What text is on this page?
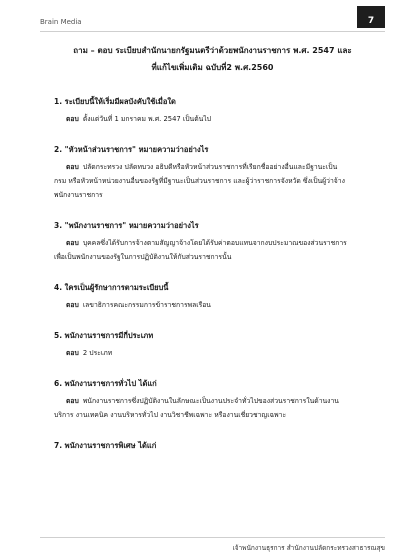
Brain Media	7
ถาม – ตอบ ระเบียบสำนักนายกรัฐมนตรีว่าด้วยพนักงานราชการ พ.ศ. 2547 และ
ที่แก้ไขเพิ่มเติม ฉบับที่2 พ.ศ.2560
1. ระเบียบนี้ให้เริ่มมีผลบังคับใช้เมื่อใด
ตอบ ตั้งแต่วันที่ 1 มกราคม พ.ศ. 2547 เป็นต้นไป
2. "หัวหน้าส่วนราชการ" หมายความว่าอย่างไร
ตอบ ปลัดกระทรวง ปลัดทบวง อธิบดีหรือหัวหน้าส่วนราชการที่เรียกชื่ออย่างอื่นและมีฐานะเป็น
กรม หรือหัวหน้าหน่วยงานอื่นของรัฐที่มีฐานะเป็นส่วนราชการ และผู้ว่าราชการจังหวัด ซึ่งเป็นผู้ว่าจ้าง
พนักงานราชการ
3. "พนักงานราชการ" หมายความว่าอย่างไร
ตอบ บุคคลซึ่งได้รับการจ้างตามสัญญาจ้างโดยได้รับค่าตอบแทนจากงบประมาณของส่วนราชการ
เพื่อเป็นพนักงานของรัฐในการปฏิบัติงานให้กับส่วนราชการนั้น
4. ใครเป็นผู้รักษาการตามระเบียบนี้
ตอบ เลขาธิการคณะกรรมการข้าราชการพลเรือน
5. พนักงานราชการมีกี่ประเภท
ตอบ 2 ประเภท
6. พนักงานราชการทั่วไป ได้แก่
ตอบ พนักงานราชการซึ่งปฏิบัติงานในลักษณะเป็นงานประจำทั่วไปของส่วนราชการในด้านงาน
บริการ งานเทคนิค งานบริหารทั่วไป งานวิชาชีพเฉพาะ หรืองานเชี่ยวชาญเฉพาะ
7. พนักงานราชการพิเศษ ได้แก่
เจ้าพนักงานธุรการ สำนักงานปลัดกระทรวงสาธารณสุข
